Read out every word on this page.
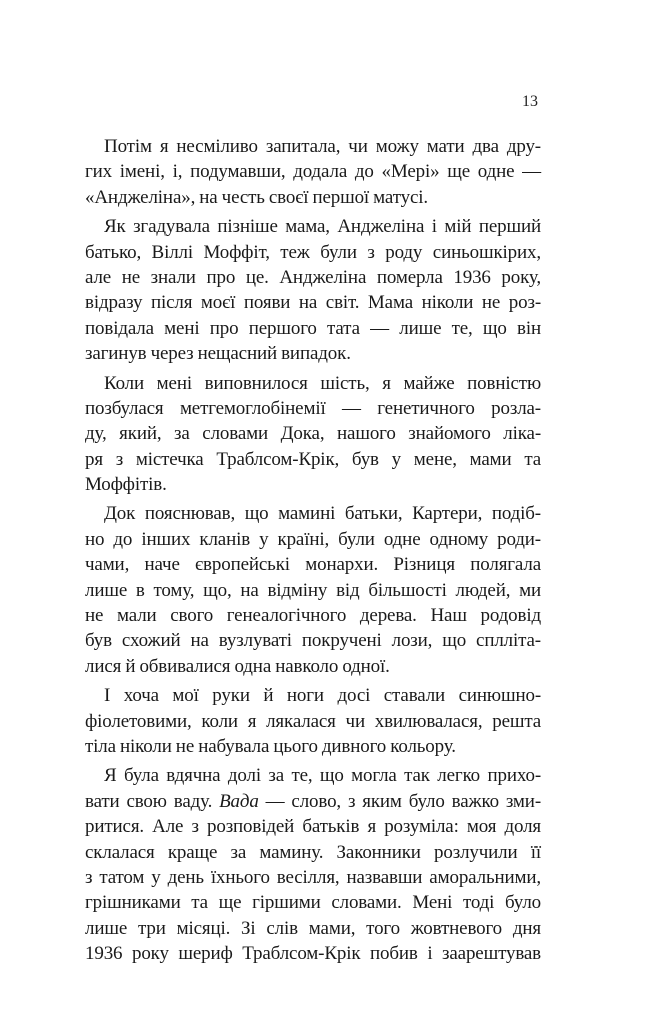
13
Потім я несміливо запитала, чи можу мати два дру-
гих імені, і, подумавши, додала до «Мері» ще одне —
«Анджеліна», на честь своєї першої матусі.
Як згадувала пізніше мама, Анджеліна і мій перший
батько, Віллі Моффіт, теж були з роду синьошкірих,
але не знали про це. Анджеліна померла 1936 року,
відразу після моєї появи на світ. Мама ніколи не роз-
повідала мені про першого тата — лише те, що він
загинув через нещасний випадок.
Коли мені виповнилося шість, я майже повністю
позбулася метгемоглобінемії — генетичного розла-
ду, який, за словами Дока, нашого знайомого ліка-
ря з містечка Траблсом-Крік, був у мене, мами та
Моффітів.
Док пояснював, що мамині батьки, Картери, подіб-
но до інших кланів у країні, були одне одному роди-
чами, наче європейські монархи. Різниця полягала
лише в тому, що, на відміну від більшості людей, ми
не мали свого генеалогічного дерева. Наш родовід
був схожий на вузлуваті покручені лози, що сплліта-
лися й обвивалися одна навколо одної.
І хоча мої руки й ноги досі ставали синюшно-
фіолетовими, коли я лякалася чи хвилювалася, решта
тіла ніколи не набувала цього дивного кольору.
Я була вдячна долі за те, що могла так легко прихо-
вати свою ваду. Вада — слово, з яким було важко зми-
ритися. Але з розповідей батьків я розуміла: моя доля
склалася краще за мамину. Законники розлучили її
з татом у день їхнього весілля, назвавши аморальними,
грішниками та ще гіршими словами. Мені тоді було
лише три місяці. Зі слів мами, того жовтневого дня
1936 року шериф Траблсом-Крік побив і заарештував
